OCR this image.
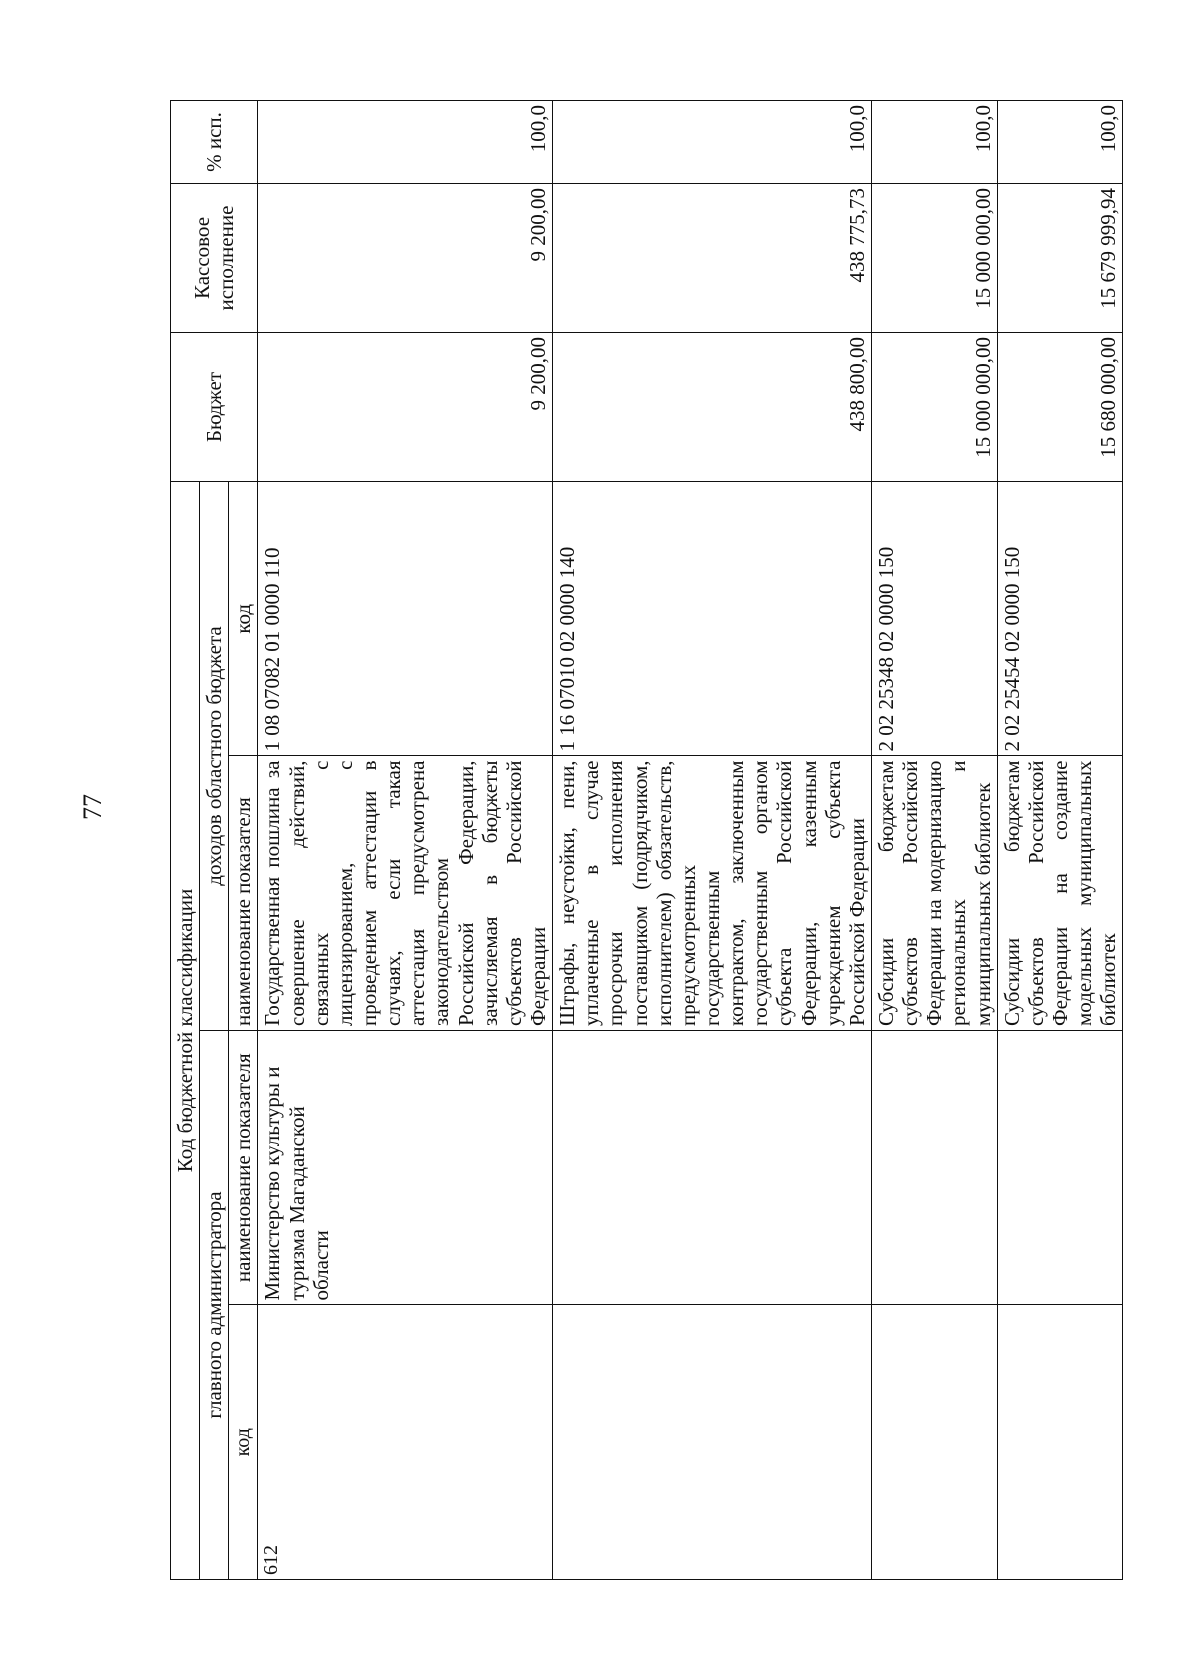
77
Код бюджетной классификации				Бюджет	Кассовое исполнение	% исп.
главного администратора		доходов областного бюджета				
код	наименование показателя	наименование показателя	код			
612	Министерство культуры и туризма Магаданской области	Государственная пошлина за совершение действий, связанных с лицензированием, с проведением аттестации в случаях, если такая аттестация предусмотрена законодательством Российской Федерации, зачисляемая в бюджеты субъектов Российской Федерации	1 08 07082 01 0000 110	9 200,00	9 200,00	100,0
		Штрафы, неустойки, пени, уплаченные в случае просрочки исполнения поставщиком (подрядчиком, исполнителем) обязательств, предусмотренных государственным контрактом, заключенным государственным органом субъекта Российской Федерации, казенным учреждением субъекта Российской Федерации	1 16 07010 02 0000 140	438 800,00	438 775,73	100,0
		Субсидии бюджетам субъектов Российской Федерации на модернизацию региональных и муниципальных библиотек	2 02 25348 02 0000 150	15 000 000,00	15 000 000,00	100,0
		Субсидии бюджетам субъектов Российской Федерации на создание модельных муниципальных библиотек	2 02 25454 02 0000 150	15 680 000,00	15 679 999,94	100,0
